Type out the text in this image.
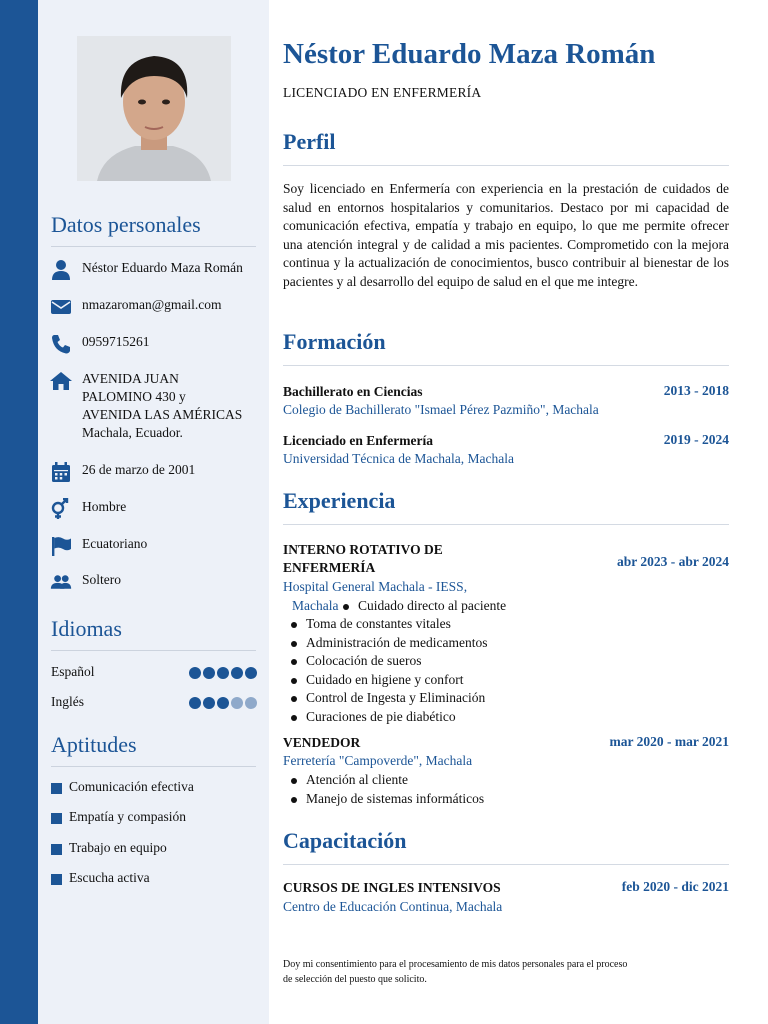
Datos personales
Néstor Eduardo Maza Román
nmazaroman@gmail.com
0959715261
AVENIDA JUAN
PALOMINO 430 y
AVENIDA LAS AMÉRICAS
Machala, Ecuador.
26 de marzo de 2001
Hombre
Ecuatoriano
Soltero
Idiomas
Español
Inglés
Aptitudes
Comunicación efectiva
Empatía y compasión
Trabajo en equipo
Escucha activa
Néstor Eduardo Maza Román
LICENCIADO EN ENFERMERÍA
Perfil

Soy licenciado en Enfermería con experiencia en la prestación de cuidados de salud en entornos hospitalarios y comunitarios. Destaco por mi capacidad de comunicación efectiva, empatía y trabajo en equipo, lo que me permite ofrecer una atención integral y de calidad a mis pacientes. Comprometido con la mejora continua y la actualización de conocimientos, busco contribuir al bienestar de los pacientes y al desarrollo del equipo de salud en el que me integre.

Formación
Bachillerato en Ciencias	2013 - 2018
Colegio de Bachillerato "Ismael Pérez Pazmiño", Machala
Licenciado en Enfermería	2019 - 2024
Universidad Técnica de Machala, Machala
Experiencia
INTERNO ROTATIVO DE
ENFERMERÍA	abr 2023 - abr 2024
Hospital General Machala - IESS,
Machala	Cuidado directo al paciente
Toma de constantes vitales
Administración de medicamentos
Colocación de sueros
Cuidado en higiene y confort
Control de Ingesta y Eliminación
Curaciones de pie diabético
VENDEDOR	mar 2020 - mar 2021
Ferretería "Campoverde", Machala
Atención al cliente
Manejo de sistemas informáticos
Capacitación
CURSOS DE INGLES INTENSIVOS	feb 2020 - dic 2021
Centro de Educación Continua, Machala
Doy mi consentimiento para el procesamiento de mis datos personales para el proceso
de selección del puesto que solicito.
